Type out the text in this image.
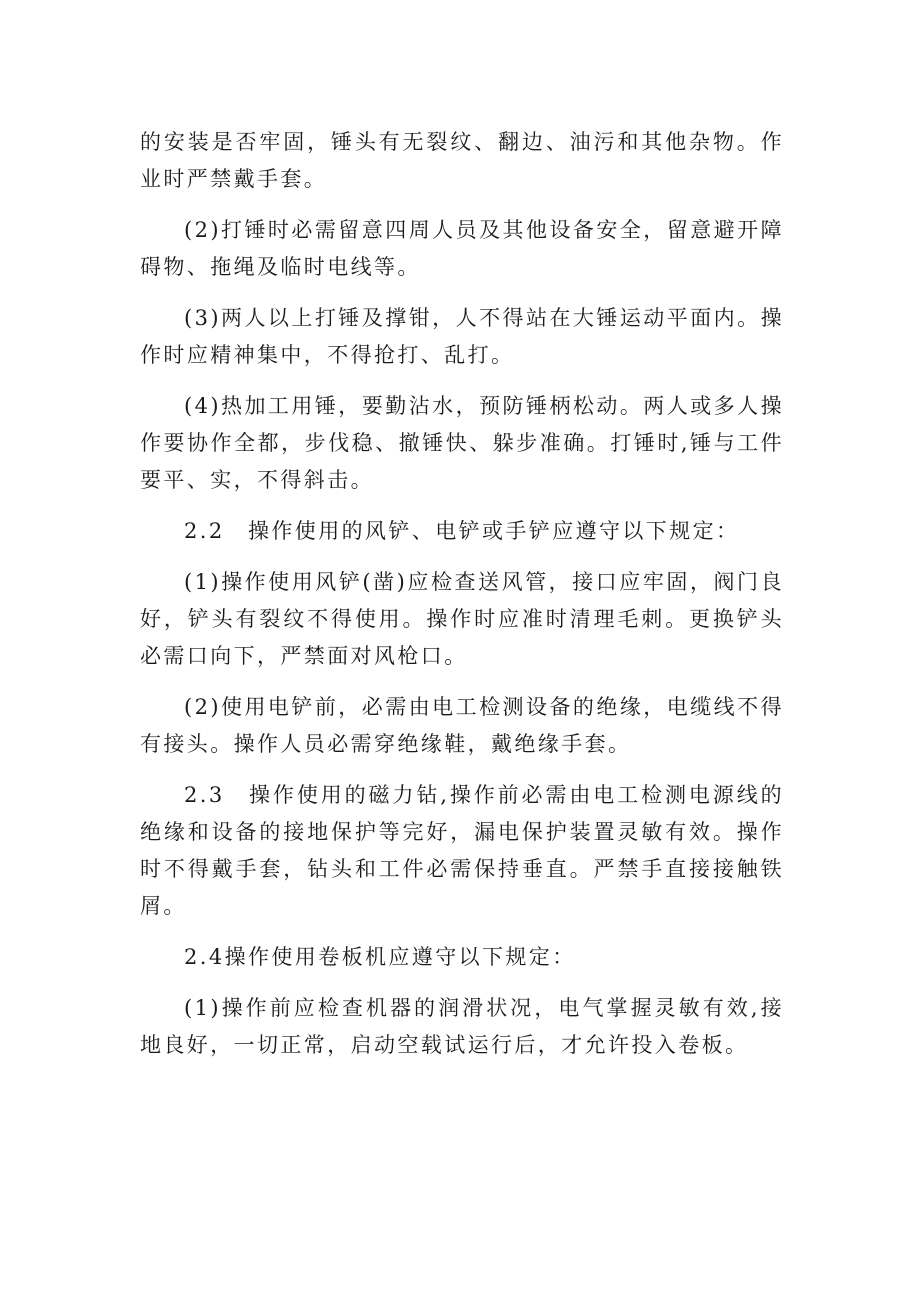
的安装是否牢固，锤头有无裂纹、翻边、油污和其他杂物。作业时严禁戴手套。

(2)打锤时必需留意四周人员及其他设备安全，留意避开障碍物、拖绳及临时电线等。

(3)两人以上打锤及撑钳，人不得站在大锤运动平面内。操作时应精神集中，不得抢打、乱打。

(4)热加工用锤，要勤沾水，预防锤柄松动。两人或多人操作要协作全都，步伐稳、撤锤快、躲步准确。打锤时,锤与工件要平、实，不得斜击。

2.2　操作使用的风铲、电铲或手铲应遵守以下规定：

(1)操作使用风铲(凿)应检查送风管，接口应牢固，阀门良好，铲头有裂纹不得使用。操作时应准时清理毛刺。更换铲头必需口向下，严禁面对风枪口。

(2)使用电铲前，必需由电工检测设备的绝缘，电缆线不得有接头。操作人员必需穿绝缘鞋，戴绝缘手套。

2.3　操作使用的磁力钻,操作前必需由电工检测电源线的绝缘和设备的接地保护等完好，漏电保护装置灵敏有效。操作时不得戴手套，钻头和工件必需保持垂直。严禁手直接接触铁屑。

2.4操作使用卷板机应遵守以下规定：

(1)操作前应检查机器的润滑状况，电气掌握灵敏有效,接地良好，一切正常，启动空载试运行后，才允许投入卷板。
